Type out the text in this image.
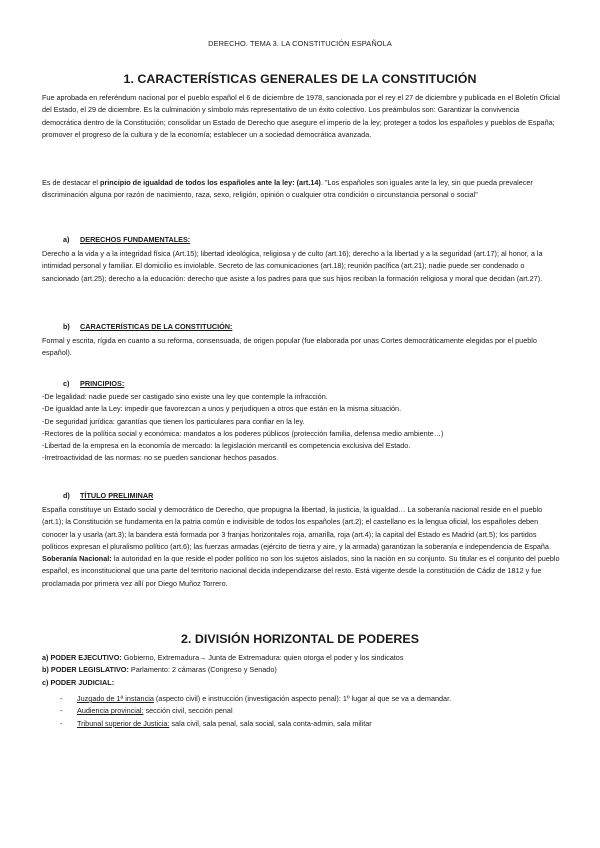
DERECHO. TEMA 3. LA CONSTITUCIÓN ESPAÑOLA
1. CARACTERÍSTICAS GENERALES DE LA CONSTITUCIÓN

Fue aprobada en referéndum nacional por el pueblo español el 6 de diciembre de 1978, sancionada por el rey el 27 de diciembre y publicada en el Boletín Oficial del Estado, el 29 de diciembre. Es la culminación y símbolo más representativo de un éxito colectivo. Los preámbulos son: Garantizar la convivencia democrática dentro de la Constitución; consolidar un Estado de Derecho que asegure el imperio de la ley; proteger a todos los españoles y pueblos de España; promover el progreso de la cultura y de la economía; establecer un a sociedad democrática avanzada.

Es de destacar el principio de igualdad de todos los españoles ante la ley: (art.14). "Los españoles son iguales ante la ley, sin que pueda prevalecer discriminación alguna por razón de nacimiento, raza, sexo, religión, opinión o cualquier otra condición o circunstancia personal o social"

a) DERECHOS FUNDAMENTALES:

Derecho a la vida y a la integridad física (Art.15); libertad ideológica, religiosa y de culto (art.16); derecho a la libertad y a la seguridad (art.17); al honor, a la intimidad personal y familiar. El domicilio es inviolable. Secreto de las comunicaciones (art.18); reunión pacífica (art.21); nadie puede ser condenado o sancionado (art.25); derecho a la educación: derecho que asiste a los padres para que sus hijos reciban la formación religiosa y moral que decidan (art.27).

b) CARACTERÍSTICAS DE LA CONSTITUCIÓN:

Formal y escrita, rígida en cuanto a su reforma, consensuada, de origen popular (fue elaborada por unas Cortes democráticamente elegidas por el pueblo español).

c) PRINCIPIOS:

-De legalidad: nadie puede ser castigado sino existe una ley que contemple la infracción.

-De igualdad ante la Ley: impedir que favorezcan a unos y perjudiquen a otros que están en la misma situación.

-De seguridad jurídica: garantías que tienen los particulares para confiar en la ley.

-Rectores de la política social y económica: mandatos a los poderes públicos (protección familia, defensa medio ambiente…)

-Libertad de la empresa en la economía de mercado: la legislación mercantil es competencia exclusiva del Estado.

-Irretroactividad de las normas: no se pueden sancionar hechos pasados.

d) TÍTULO PRELIMINAR

España constituye un Estado social y democrático de Derecho, que propugna la libertad, la justicia, la igualdad… La soberanía nacional reside en el pueblo (art.1); la Constitución se fundamenta en la patria común e indivisible de todos los españoles (art.2); el castellano es la lengua oficial, los españoles deben conocer la y usarla (art.3); la bandera está formada por 3 franjas horizontales roja, amarilla, roja (art.4); la capital del Estado es Madrid (art.5); los partidos políticos expresan el pluralismo político (art.6); las fuerzas armadas (ejército de tierra y aire, y la armada) garantizan la soberanía e independencia de España.

Soberanía Nacional: la autoridad en la que reside el poder político no son los sujetos aislados, sino la nación en su conjunto. Su titular es el conjunto del pueblo español, es inconstitucional que una parte del territorio nacional decida independizarse del resto. Está vigente desde la constitución de Cádiz de 1812 y fue proclamada por primera vez allí por Diego Muñoz Torrero.

2. DIVISIÓN HORIZONTAL DE PODERES

a) PODER EJECUTIVO: Gobierno, Extremadura→ Junta de Extremadura: quien otorga el poder y los sindicatos

b) PODER LEGISLATIVO: Parlamento: 2 cámaras (Congreso y Senado)

c) PODER JUDICIAL:

-	Juzgado de 1ª instancia (aspecto civil) e instrucción (investigación aspecto penal): 1º lugar al que se va a demandar.
-	Audiencia provincial: sección civil, sección penal
-	Tribunal superior de Justicia: sala civil, sala penal, sala social, sala conta-admin, sala militar
